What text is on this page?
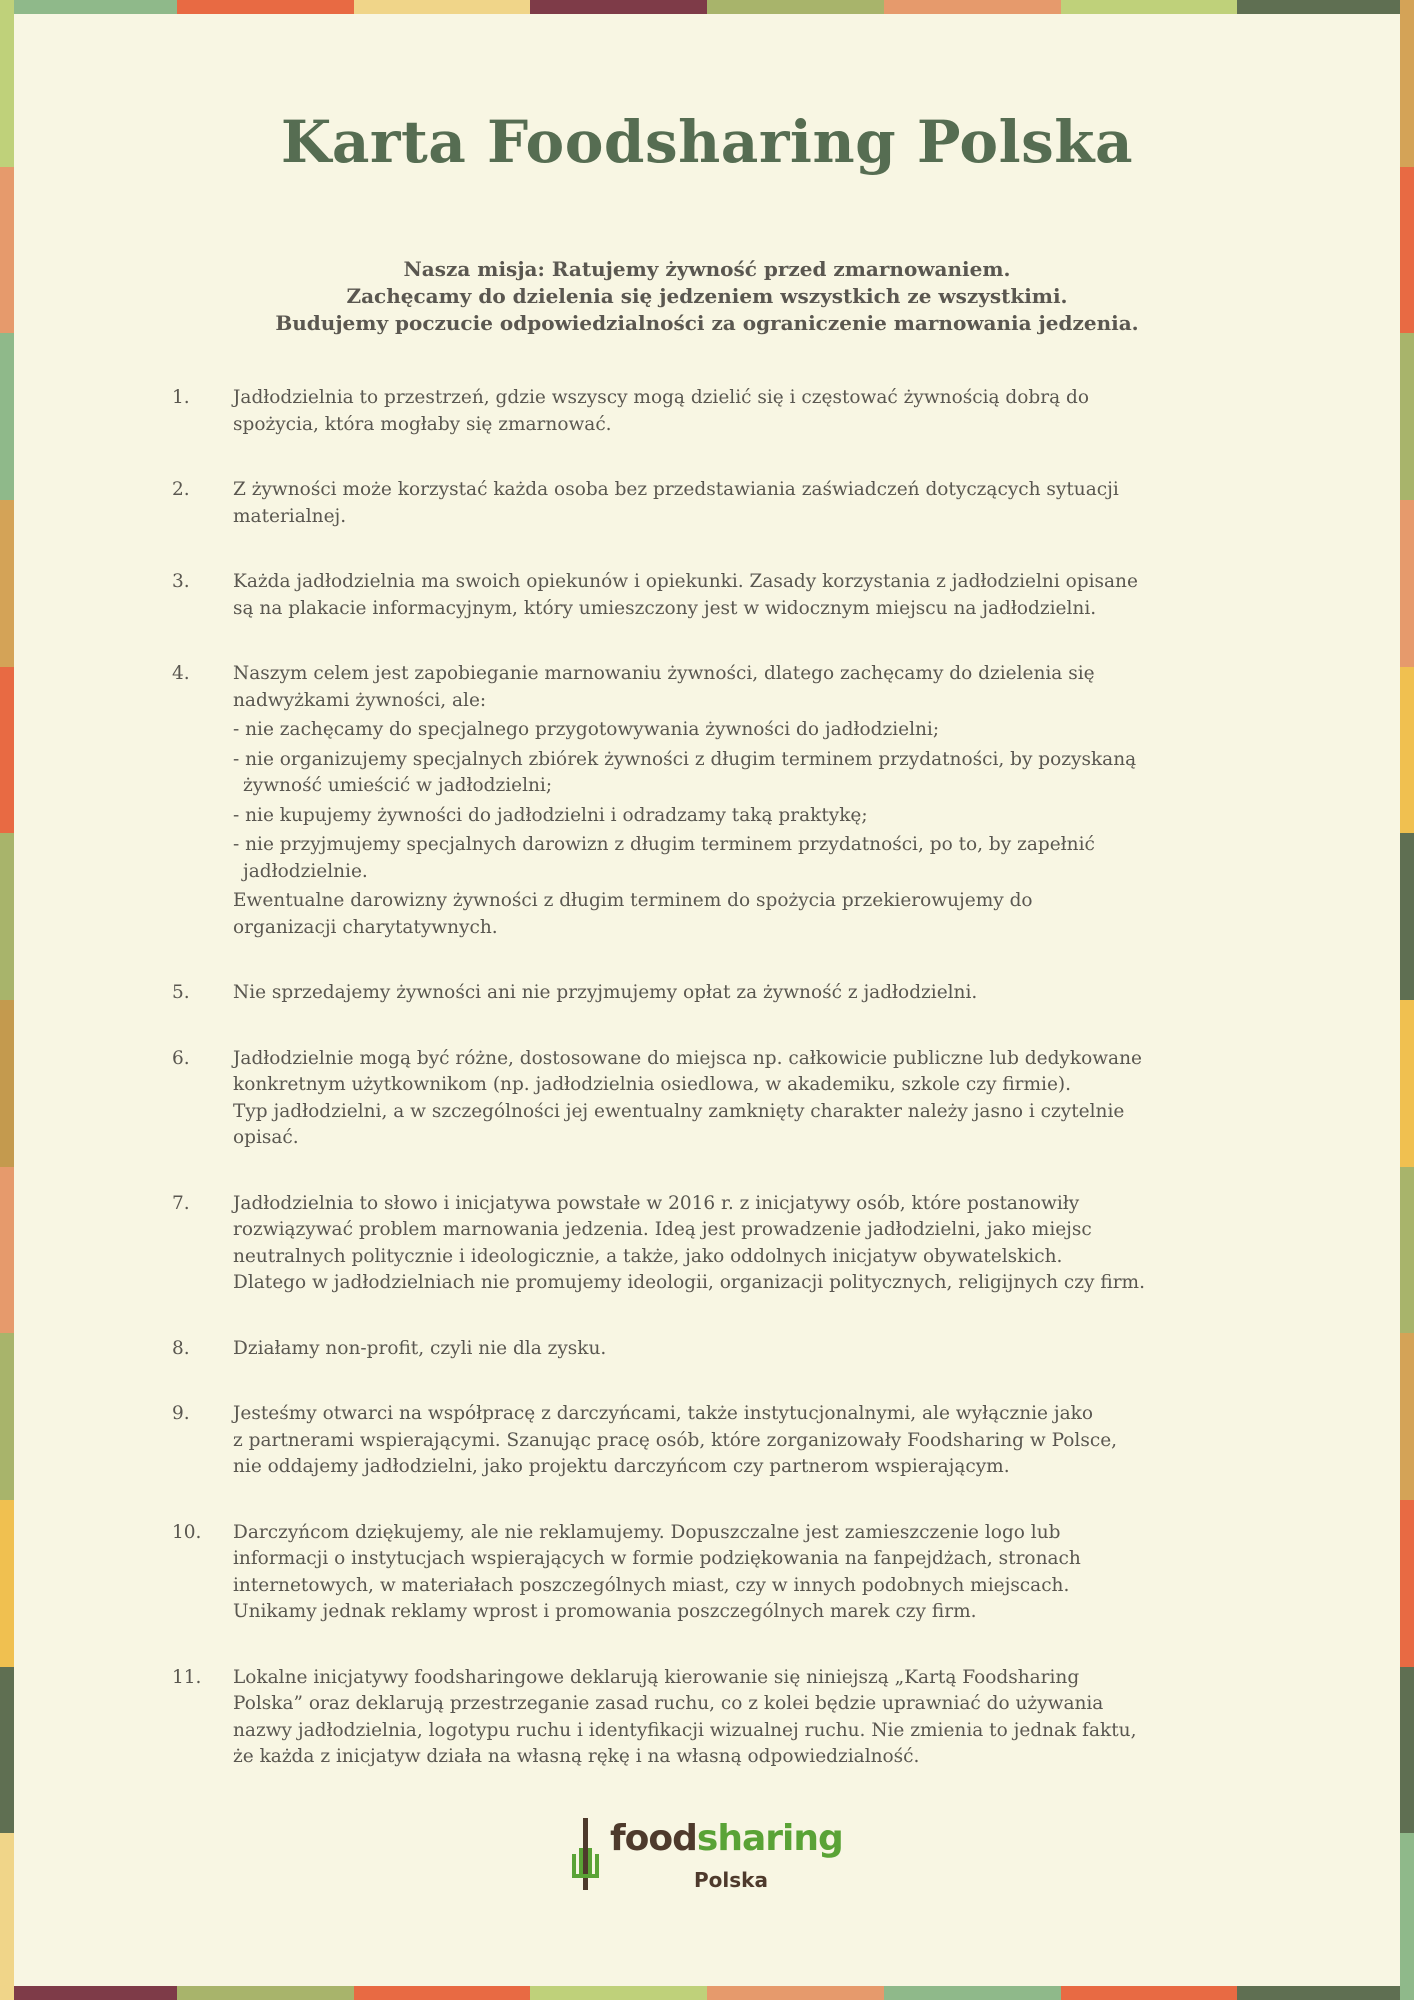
Karta Foodsharing Polska
Nasza misja: Ratujemy żywność przed zmarnowaniem.
Zachęcamy do dzielenia się jedzeniem wszystkich ze wszystkimi.
Budujemy poczucie odpowiedzialności za ograniczenie marnowania jedzenia.
1.	Jadłodzielnia to przestrzeń, gdzie wszyscy mogą dzielić się i częstować żywnością dobrą do
spożycia, która mogłaby się zmarnować.
2.	Z żywności może korzystać każda osoba bez przedstawiania zaświadczeń dotyczących sytuacji
materialnej.
3.	Każda jadłodzielnia ma swoich opiekunów i opiekunki. Zasady korzystania z jadłodzielni opisane
są na plakacie informacyjnym, który umieszczony jest w widocznym miejscu na jadłodzielni.
4.	Naszym celem jest zapobieganie marnowaniu żywności, dlatego zachęcamy do dzielenia się
nadwyżkami żywności, ale:
- nie zachęcamy do specjalnego przygotowywania żywności do jadłodzielni;
- nie organizujemy specjalnych zbiórek żywności z długim terminem przydatności, by pozyskaną
żywność umieścić w jadłodzielni;
- nie kupujemy żywności do jadłodzielni i odradzamy taką praktykę;
- nie przyjmujemy specjalnych darowizn z długim terminem przydatności, po to, by zapełnić
jadłodzielnie.
Ewentualne darowizny żywności z długim terminem do spożycia przekierowujemy do
organizacji charytatywnych.
5.	Nie sprzedajemy żywności ani nie przyjmujemy opłat za żywność z jadłodzielni.
6.	Jadłodzielnie mogą być różne, dostosowane do miejsca np. całkowicie publiczne lub dedykowane
konkretnym użytkownikom (np. jadłodzielnia osiedlowa, w akademiku, szkole czy firmie).
Typ jadłodzielni, a w szczególności jej ewentualny zamknięty charakter należy jasno i czytelnie
opisać.
7.	Jadłodzielnia to słowo i inicjatywa powstałe w 2016 r. z inicjatywy osób, które postanowiły
rozwiązywać problem marnowania jedzenia. Ideą jest prowadzenie jadłodzielni, jako miejsc
neutralnych politycznie i ideologicznie, a także, jako oddolnych inicjatyw obywatelskich.
Dlatego w jadłodzielniach nie promujemy ideologii, organizacji politycznych, religijnych czy firm.
8.	Działamy non-profit, czyli nie dla zysku.
9.	Jesteśmy otwarci na współpracę z darczyńcami, także instytucjonalnymi, ale wyłącznie jako
z partnerami wspierającymi. Szanując pracę osób, które zorganizowały Foodsharing w Polsce,
nie oddajemy jadłodzielni, jako projektu darczyńcom czy partnerom wspierającym.
10.	Darczyńcom dziękujemy, ale nie reklamujemy. Dopuszczalne jest zamieszczenie logo lub
informacji o instytucjach wspierających w formie podziękowania na fanpejdżach, stronach
internetowych, w materiałach poszczególnych miast, czy w innych podobnych miejscach.
Unikamy jednak reklamy wprost i promowania poszczególnych marek czy firm.
11.	Lokalne inicjatywy foodsharingowe deklarują kierowanie się niniejszą „Kartą Foodsharing
Polska” oraz deklarują przestrzeganie zasad ruchu, co z kolei będzie uprawniać do używania
nazwy jadłodzielnia, logotypu ruchu i identyfikacji wizualnej ruchu. Nie zmienia to jednak faktu,
że każda z inicjatyw działa na własną rękę i na własną odpowiedzialność.
foodsharing
Polska
